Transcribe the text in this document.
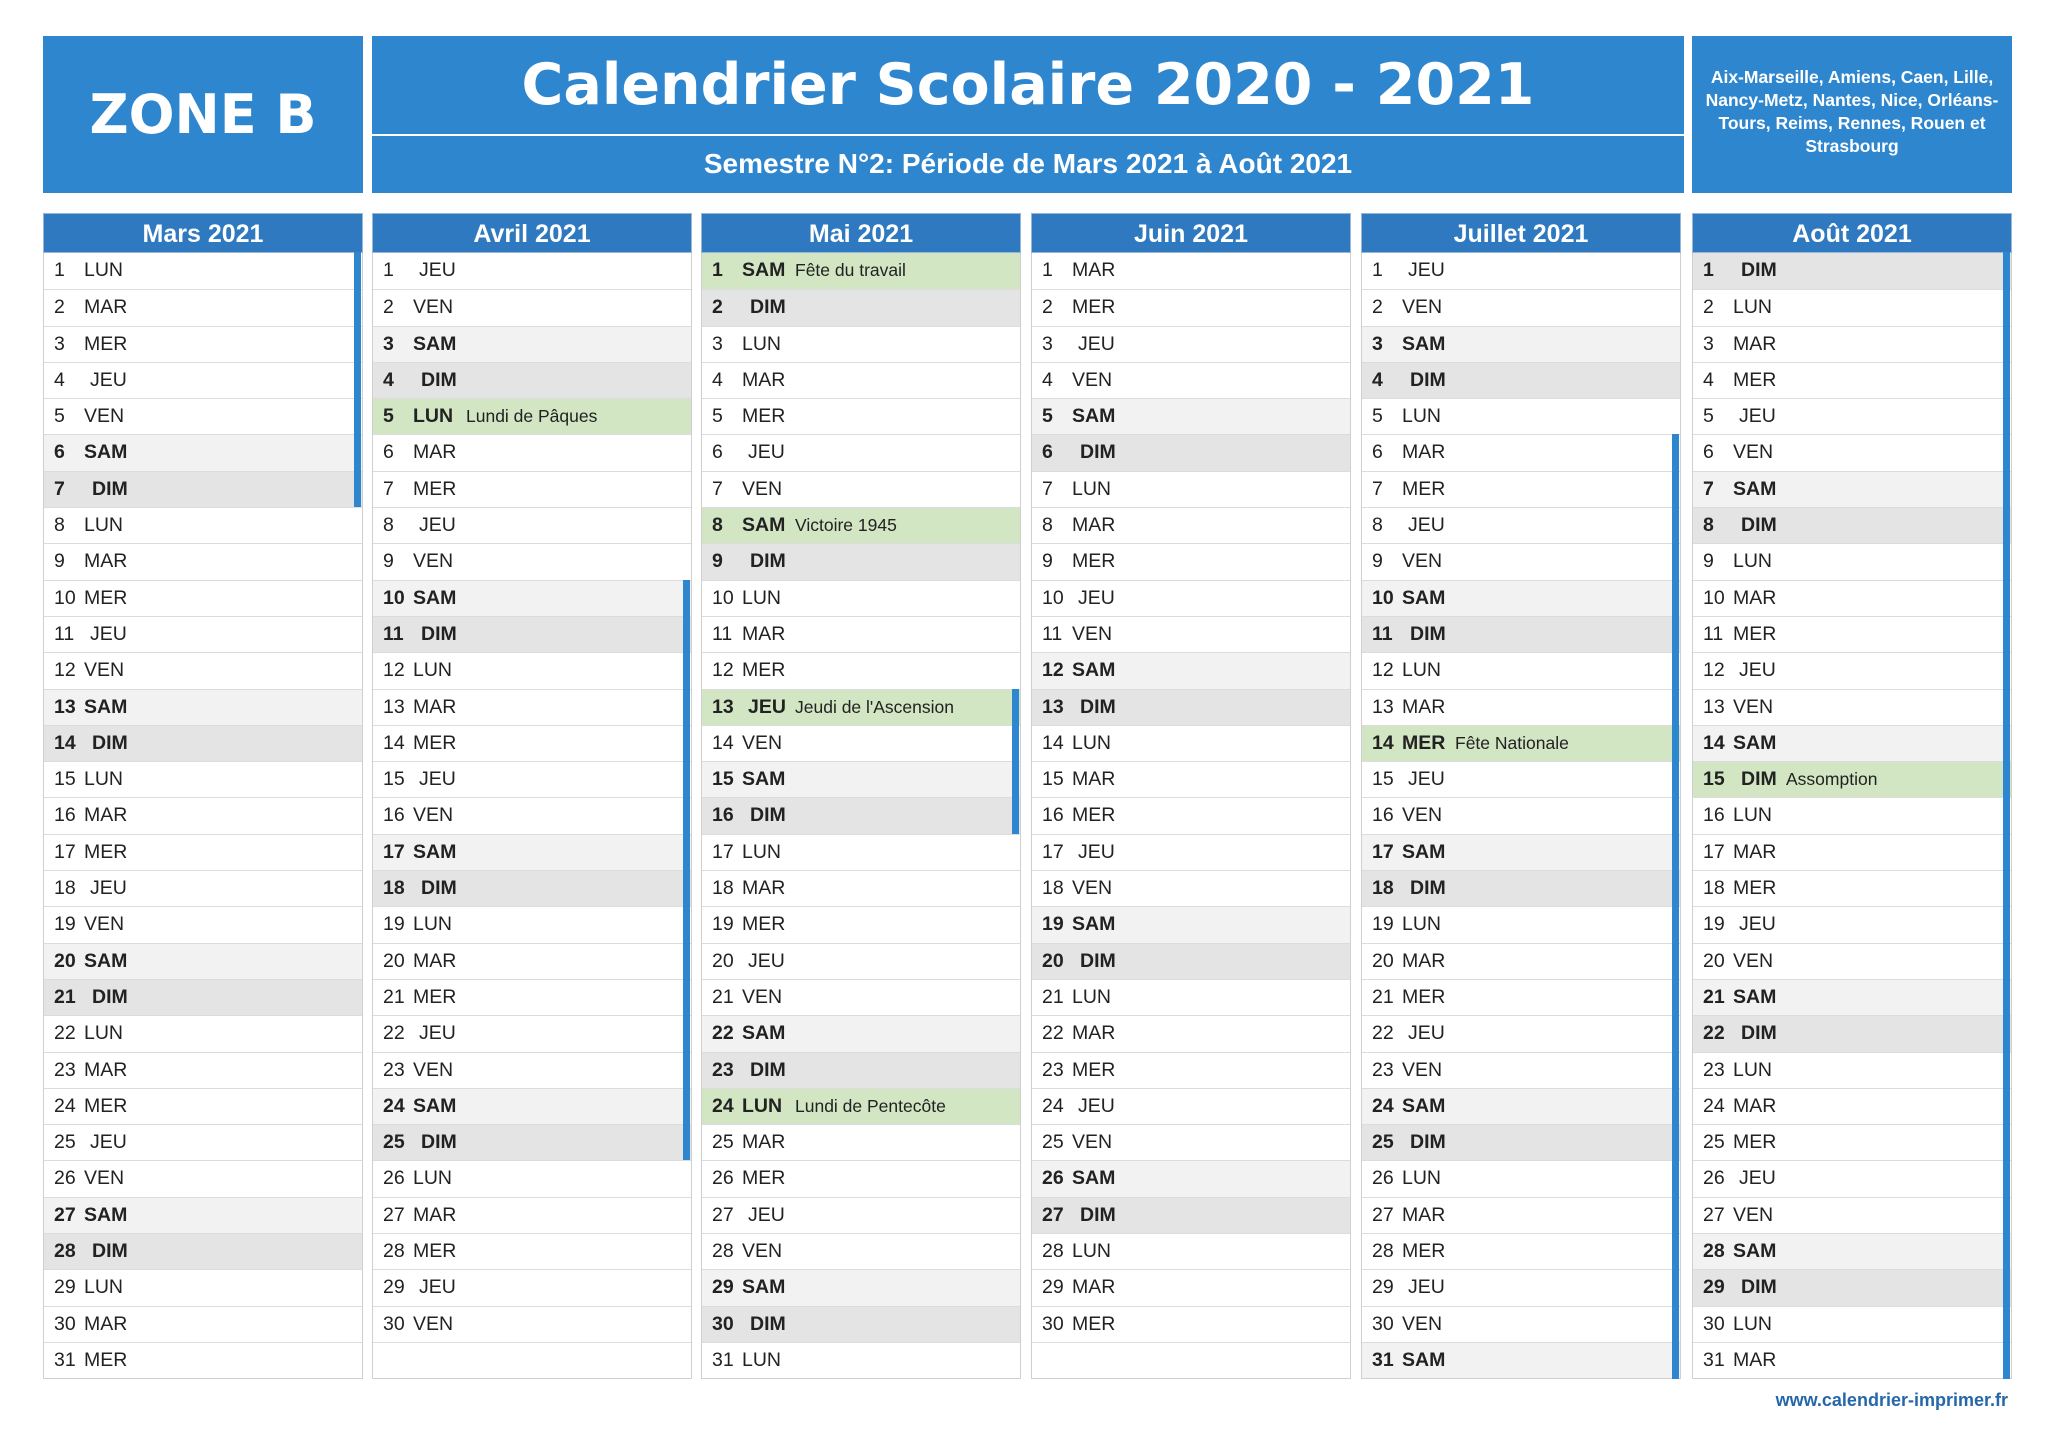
ZONE B	Calendrier Scolaire 2020 - 2021
Semestre N°2: Période de Mars 2021 à Août 2021
Aix-Marseille, Amiens, Caen, Lille, Nancy-Metz, Nantes, Nice, Orléans-Tours, Reims, Rennes, Rouen et Strasbourg
Mars 2021
1 LUN
2 MAR
3 MER
4 JEU
5 VEN
6 SAM
7 DIM
8 LUN
9 MAR
10 MER
11 JEU
12 VEN
13 SAM
14 DIM
15 LUN
16 MAR
17 MER
18 JEU
19 VEN
20 SAM
21 DIM
22 LUN
23 MAR
24 MER
25 JEU
26 VEN
27 SAM
28 DIM
29 LUN
30 MAR
31 MER
Avril 2021
1 JEU
2 VEN
3 SAM
4 DIM
5 LUN Lundi de Pâques
6 MAR
7 MER
8 JEU
9 VEN
10 SAM
11 DIM
12 LUN
13 MAR
14 MER
15 JEU
16 VEN
17 SAM
18 DIM
19 LUN
20 MAR
21 MER
22 JEU
23 VEN
24 SAM
25 DIM
26 LUN
27 MAR
28 MER
29 JEU
30 VEN
Mai 2021
1 SAM Fête du travail
2 DIM
3 LUN
4 MAR
5 MER
6 JEU
7 VEN
8 SAM Victoire 1945
9 DIM
10 LUN
11 MAR
12 MER
13 JEU Jeudi de l'Ascension
14 VEN
15 SAM
16 DIM
17 LUN
18 MAR
19 MER
20 JEU
21 VEN
22 SAM
23 DIM
24 LUN Lundi de Pentecôte
25 MAR
26 MER
27 JEU
28 VEN
29 SAM
30 DIM
31 LUN
Juin 2021
1 MAR
2 MER
3 JEU
4 VEN
5 SAM
6 DIM
7 LUN
8 MAR
9 MER
10 JEU
11 VEN
12 SAM
13 DIM
14 LUN
15 MAR
16 MER
17 JEU
18 VEN
19 SAM
20 DIM
21 LUN
22 MAR
23 MER
24 JEU
25 VEN
26 SAM
27 DIM
28 LUN
29 MAR
30 MER
Juillet 2021
1 JEU
2 VEN
3 SAM
4 DIM
5 LUN
6 MAR
7 MER
8 JEU
9 VEN
10 SAM
11 DIM
12 LUN
13 MAR
14 MER Fête Nationale
15 JEU
16 VEN
17 SAM
18 DIM
19 LUN
20 MAR
21 MER
22 JEU
23 VEN
24 SAM
25 DIM
26 LUN
27 MAR
28 MER
29 JEU
30 VEN
31 SAM
Août 2021
1 DIM
2 LUN
3 MAR
4 MER
5 JEU
6 VEN
7 SAM
8 DIM
9 LUN
10 MAR
11 MER
12 JEU
13 VEN
14 SAM
15 DIM Assomption
16 LUN
17 MAR
18 MER
19 JEU
20 VEN
21 SAM
22 DIM
23 LUN
24 MAR
25 MER
26 JEU
27 VEN
28 SAM
29 DIM
30 LUN
31 MAR
www.calendrier-imprimer.fr
